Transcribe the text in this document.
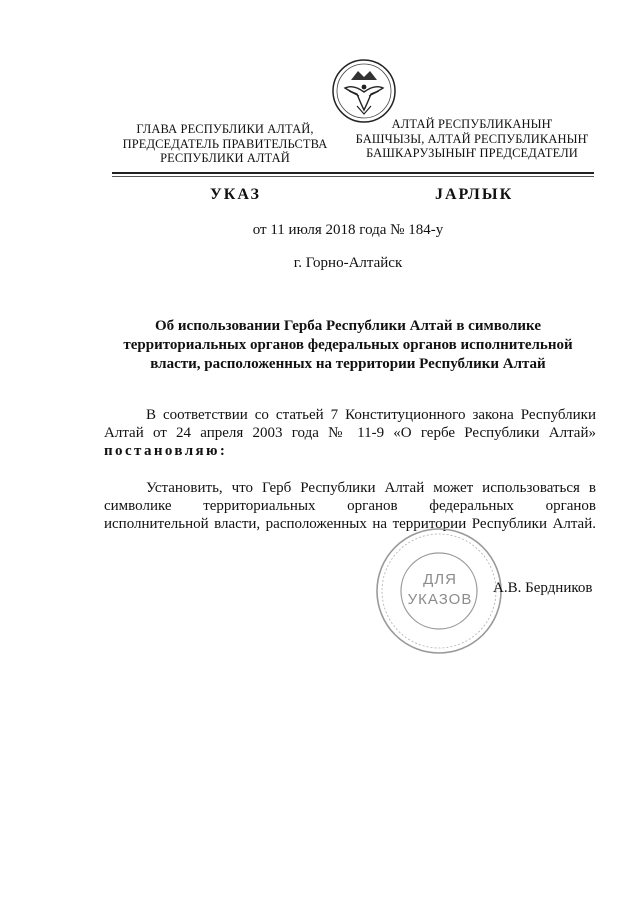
ГЛАВА РЕСПУБЛИКИ АЛТАЙ,
ПРЕДСЕДАТЕЛЬ ПРАВИТЕЛЬСТВА
РЕСПУБЛИКИ АЛТАЙ
АЛТАЙ РЕСПУБЛИКАНЫҤ
БАШЧЫЗЫ, АЛТАЙ РЕСПУБЛИКАНЫҤ
БАШКАРУЗЫНЫҤ ПРЕДСЕДАТЕЛИ
УКАЗ	JАРЛЫК
от 11 июля 2018 года № 184-у
г. Горно-Алтайск
Об использовании Герба Республики Алтай в символике
территориальных органов федеральных органов исполнительной
власти, расположенных на территории Республики Алтай
В соответствии со статьей 7 Конституционного закона Республики
Алтай от 24 апреля 2003 года № 11-9 «О гербе Республики Алтай»
постановляю:
Установить, что Герб Республики Алтай может использоваться в
символике территориальных органов федеральных органов
исполнительной власти, расположенных на территории Республики Алтай.
ДЛЯ
УКАЗОВ
А.В. Бердников
